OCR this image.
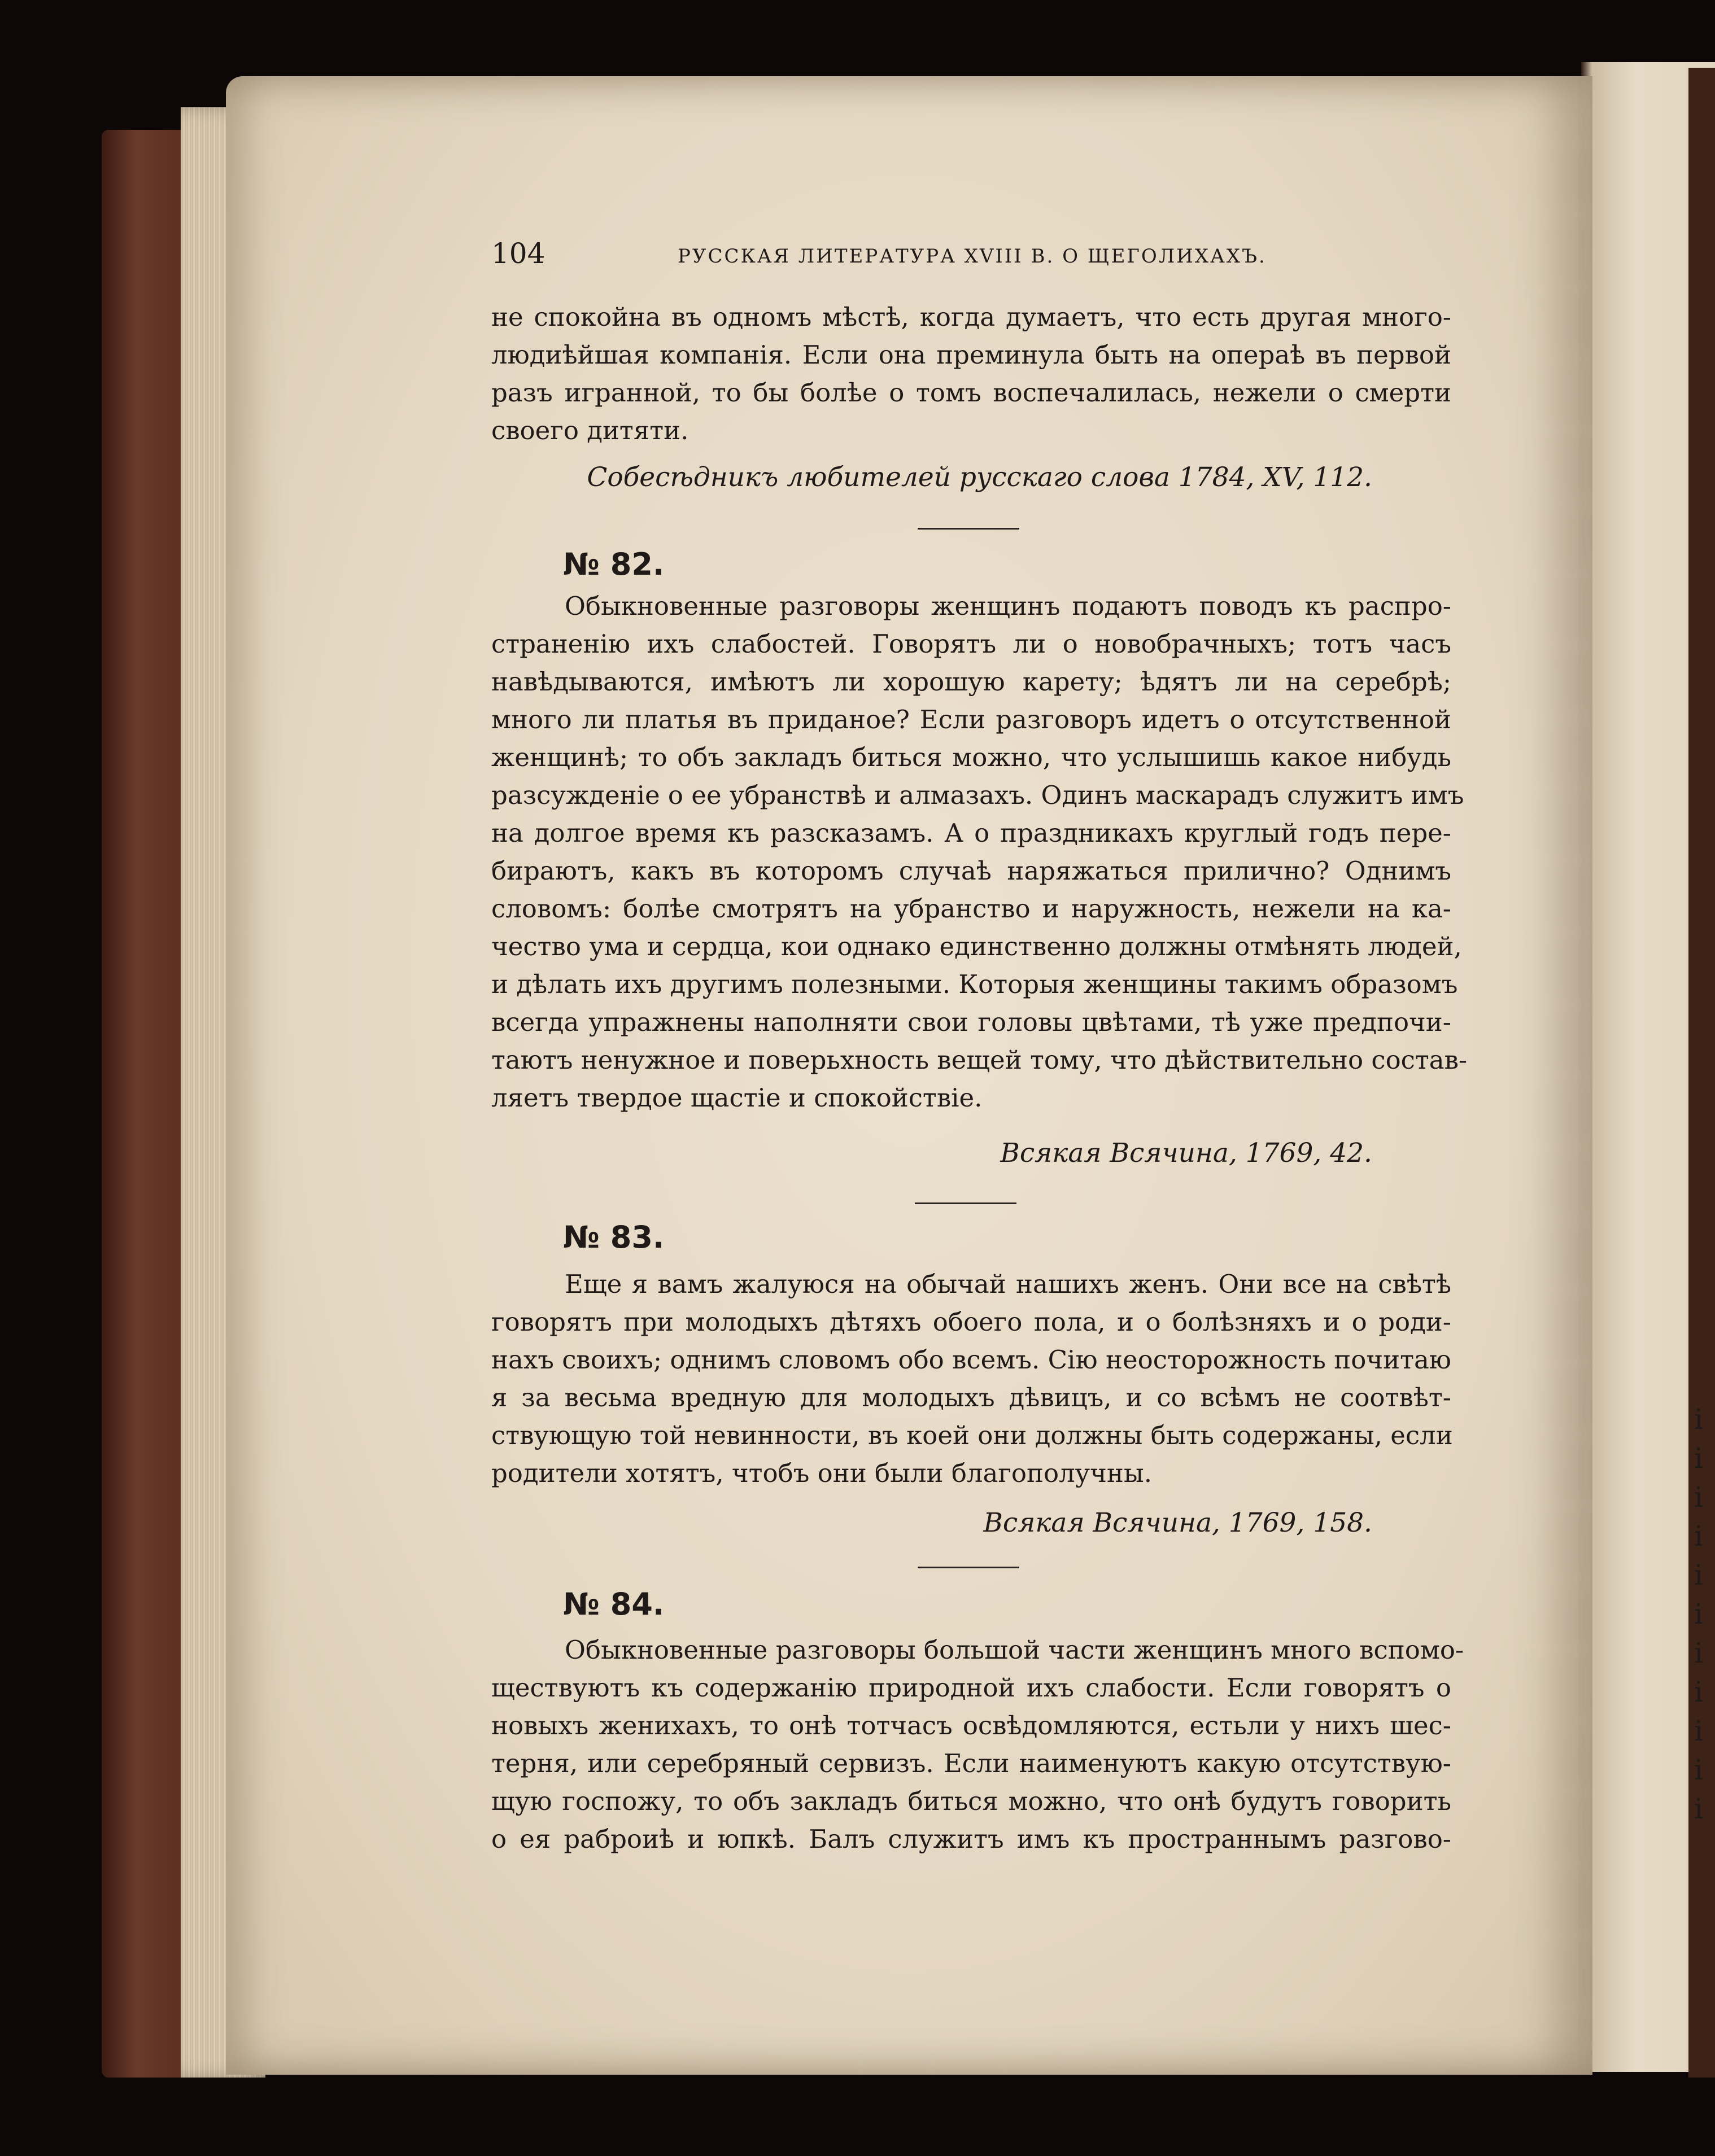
104	РУССКАЯ ЛИТЕРАТУРА XVIII В. О ЩЕГОЛИХАХЪ.
не спокойна въ одномъ мѣстѣ, когда думаетъ, что есть другая много-
людиѣйшая компанія. Если она преминула быть на операѣ въ первой
разъ игранной, то бы болѣе о томъ воспечалилась, нежели о смерти
своего дитяти.
Собесѣдникъ любителей русскаго слова 1784, XV, 112.
№ 82.
Обыкновенные разговоры женщинъ подаютъ поводъ къ распро-
страненію ихъ слабостей. Говорятъ ли о новобрачныхъ; тотъ часъ
навѣдываются, имѣютъ ли хорошую карету; ѣдятъ ли на серебрѣ;
много ли платья въ приданое? Если разговоръ идетъ о отсутственной
женщинѣ; то объ закладъ биться можно, что услышишь какое нибудь
разсужденіе о ее убранствѣ и алмазахъ. Одинъ маскарадъ служитъ имъ
на долгое время къ разсказамъ. А о праздникахъ круглый годъ пере-
бираютъ, какъ въ которомъ случаѣ наряжаться прилично? Однимъ
словомъ: болѣе смотрятъ на убранство и наружность, нежели на ка-
чество ума и сердца, кои однако единственно должны отмѣнять людей,
и дѣлать ихъ другимъ полезными. Которыя женщины такимъ образомъ
всегда упражнены наполняти свои головы цвѣтами, тѣ уже предпочи-
таютъ ненужное и поверьхность вещей тому, что дѣйствительно состав-
ляетъ твердое щастіе и спокойствіе.
Всякая Всячина, 1769, 42.
№ 83.
Еще я вамъ жалуюся на обычай нашихъ женъ. Они все на свѣтѣ
говорятъ при молодыхъ дѣтяхъ обоего пола, и о болѣзняхъ и о роди-
нахъ своихъ; однимъ словомъ обо всемъ. Сію неосторожность почитаю
я за весьма вредную для молодыхъ дѣвицъ, и со всѣмъ не соотвѣт-
ствующую той невинности, въ коей они должны быть содержаны, если
родители хотятъ, чтобъ они были благополучны.
Всякая Всячина, 1769, 158.
№ 84.
Обыкновенные разговоры большой части женщинъ много вспомо-
ществуютъ къ содержанію природной ихъ слабости. Если говорятъ о
новыхъ женихахъ, то онѣ тотчасъ освѣдомляются, естьли у нихъ шес-
терня, или серебряный сервизъ. Если наименуютъ какую отсутствую-
щую госпожу, то объ закладъ биться можно, что онѣ будутъ говорить
о ея раброиѣ и юпкѣ. Балъ служитъ имъ къ пространнымъ разгово-
і
і
і
і
і
і
і
і
і
і
і
